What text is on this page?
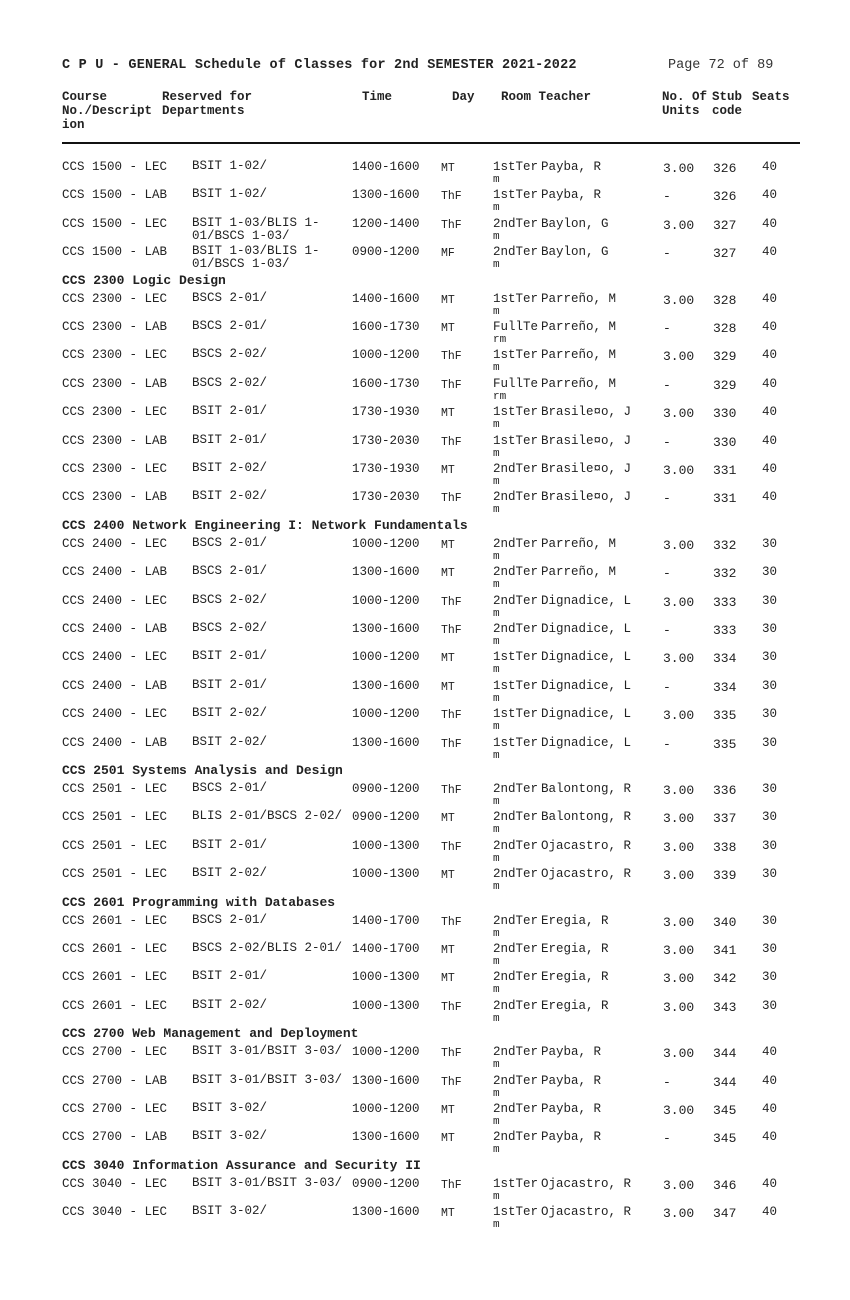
C P U - GENERAL Schedule of Classes for 2nd SEMESTER 2021-2022	Page 72 of 89
Course
No./Descript
ion
Reserved for
Departments
Time	Day Room Teacher	No. Of
Units
Stub
code
Seats
CCS 1500 - LEC BSIT 1-02/	1400-1600 MT	1stTer
m
Payba, R	3.00 326 40
CCS 1500 - LAB BSIT 1-02/	1300-1600 ThF	1stTer
m
Payba, R	-	326 40
CCS 1500 - LEC BSIT 1-03/BLIS 1-
01/BSCS 1-03/
1200-1400 ThF	2ndTer
m
Baylon, G	3.00 327 40
CCS 1500 - LAB BSIT 1-03/BLIS 1-
01/BSCS 1-03/
0900-1200 MF	2ndTer
m
Baylon, G	-	327 40
CCS 2300 Logic Design
CCS 2300 - LEC BSCS 2-01/	1400-1600 MT	1stTer
m
Parreño, M	3.00 328 40
CCS 2300 - LAB BSCS 2-01/	1600-1730 MT	FullTe
rm
Parreño, M	-	328 40
CCS 2300 - LEC BSCS 2-02/	1000-1200 ThF	1stTer
m
Parreño, M	3.00 329 40
CCS 2300 - LAB BSCS 2-02/	1600-1730 ThF	FullTe
rm
Parreño, M	-	329 40
CCS 2300 - LEC BSIT 2-01/	1730-1930 MT	1stTer
m
Brasile¤o, J 3.00 330 40
CCS 2300 - LAB BSIT 2-01/	1730-2030 ThF	1stTer
m
Brasile¤o, J -	330 40
CCS 2300 - LEC BSIT 2-02/	1730-1930 MT	2ndTer
m
Brasile¤o, J 3.00 331 40
CCS 2300 - LAB BSIT 2-02/	1730-2030 ThF	2ndTer
m
Brasile¤o, J -	331 40
CCS 2400 Network Engineering I: Network Fundamentals
CCS 2400 - LEC BSCS 2-01/	1000-1200 MT	2ndTer
m
Parreño, M	3.00 332 30
CCS 2400 - LAB BSCS 2-01/	1300-1600 MT	2ndTer
m
Parreño, M	-	332 30
CCS 2400 - LEC BSCS 2-02/	1000-1200 ThF	2ndTer
m
Dignadice, L 3.00 333 30
CCS 2400 - LAB BSCS 2-02/	1300-1600 ThF	2ndTer
m
Dignadice, L -	333 30
CCS 2400 - LEC BSIT 2-01/	1000-1200 MT	1stTer
m
Dignadice, L 3.00 334 30
CCS 2400 - LAB BSIT 2-01/	1300-1600 MT	1stTer
m
Dignadice, L -	334 30
CCS 2400 - LEC BSIT 2-02/	1000-1200 ThF	1stTer
m
Dignadice, L 3.00 335 30
CCS 2400 - LAB BSIT 2-02/	1300-1600 ThF	1stTer
m
Dignadice, L -	335 30
CCS 2501 Systems Analysis and Design
CCS 2501 - LEC BSCS 2-01/	0900-1200 ThF	2ndTer
m
Balontong, R 3.00 336 30
CCS 2501 - LEC BLIS 2-01/BSCS 2-02/ 0900-1200 MT	2ndTer
m
Balontong, R 3.00 337 30
CCS 2501 - LEC BSIT 2-01/	1000-1300 ThF	2ndTer
m
Ojacastro, R 3.00 338 30
CCS 2501 - LEC BSIT 2-02/	1000-1300 MT	2ndTer
m
Ojacastro, R 3.00 339 30
CCS 2601 Programming with Databases
CCS 2601 - LEC BSCS 2-01/	1400-1700 ThF	2ndTer
m
Eregia, R	3.00 340 30
CCS 2601 - LEC BSCS 2-02/BLIS 2-01/ 1400-1700 MT	2ndTer
m
Eregia, R	3.00 341 30
CCS 2601 - LEC BSIT 2-01/	1000-1300 MT	2ndTer
m
Eregia, R	3.00 342 30
CCS 2601 - LEC BSIT 2-02/	1000-1300 ThF	2ndTer
m
Eregia, R	3.00 343 30
CCS 2700 Web Management and Deployment
CCS 2700 - LEC BSIT 3-01/BSIT 3-03/ 1000-1200 ThF	2ndTer
m
Payba, R	3.00 344 40
CCS 2700 - LAB BSIT 3-01/BSIT 3-03/ 1300-1600 ThF	2ndTer
m
Payba, R	-	344 40
CCS 2700 - LEC BSIT 3-02/	1000-1200 MT	2ndTer
m
Payba, R	3.00 345 40
CCS 2700 - LAB BSIT 3-02/	1300-1600 MT	2ndTer
m
Payba, R	-	345 40
CCS 3040 Information Assurance and Security II
CCS 3040 - LEC BSIT 3-01/BSIT 3-03/ 0900-1200 ThF	1stTer
m
Ojacastro, R 3.00 346 40
CCS 3040 - LEC BSIT 3-02/	1300-1600 MT	1stTer
m
Ojacastro, R 3.00 347 40
